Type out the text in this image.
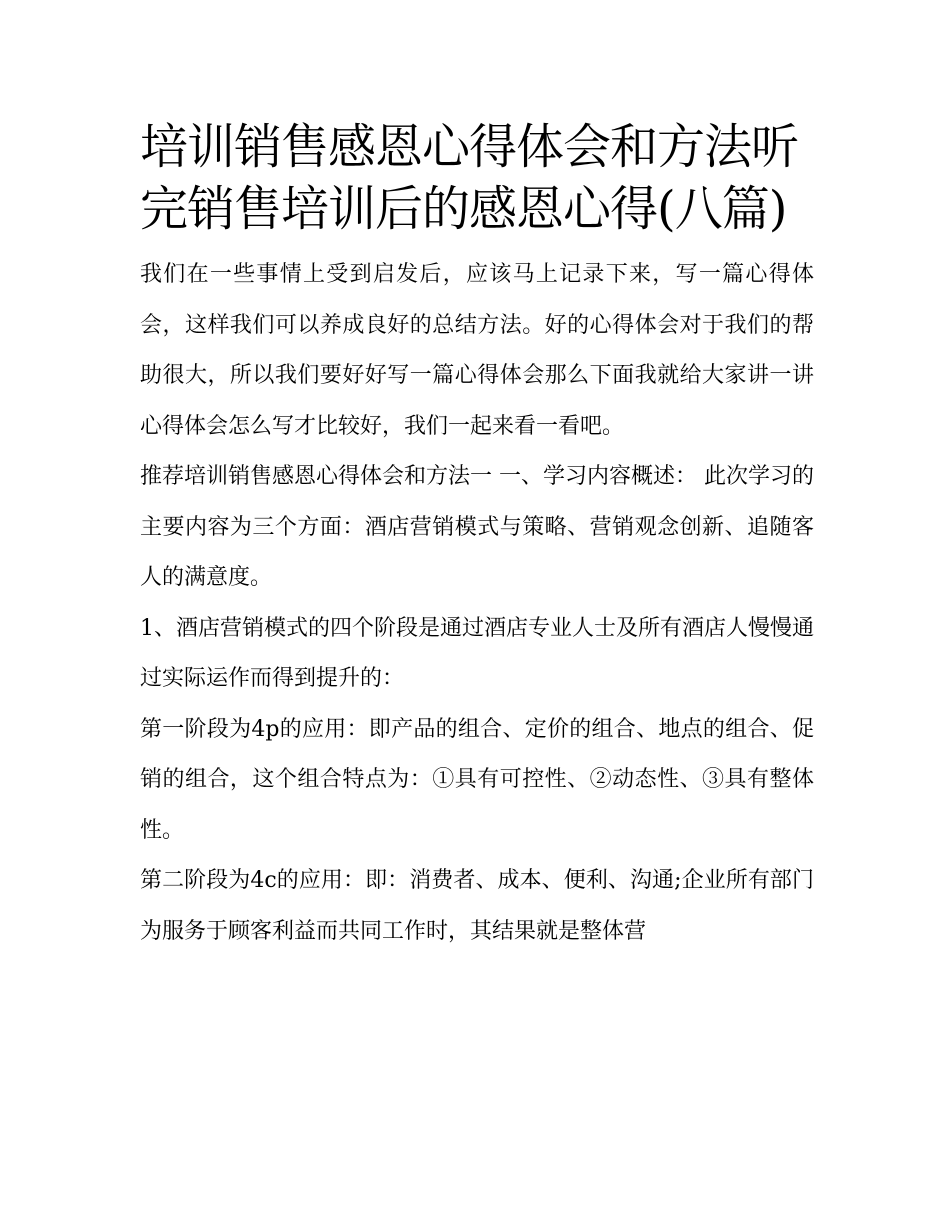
培训销售感恩心得体会和方法听完销售培训后的感恩心得(八篇)

我们在一些事情上受到启发后，应该马上记录下来，写一篇心得体会，这样我们可以养成良好的总结方法。好的心得体会对于我们的帮助很大，所以我们要好好写一篇心得体会那么下面我就给大家讲一讲心得体会怎么写才比较好，我们一起来看一看吧。

推荐培训销售感恩心得体会和方法一 一、学习内容概述： 此次学习的主要内容为三个方面：酒店营销模式与策略、营销观念创新、追随客人的满意度。

1、酒店营销模式的四个阶段是通过酒店专业人士及所有酒店人慢慢通过实际运作而得到提升的：

第一阶段为4p的应用：即产品的组合、定价的组合、地点的组合、促销的组合，这个组合特点为：①具有可控性、②动态性、③具有整体性。

第二阶段为4c的应用：即：消费者、成本、便利、沟通;企业所有部门为服务于顾客利益而共同工作时，其结果就是整体营
